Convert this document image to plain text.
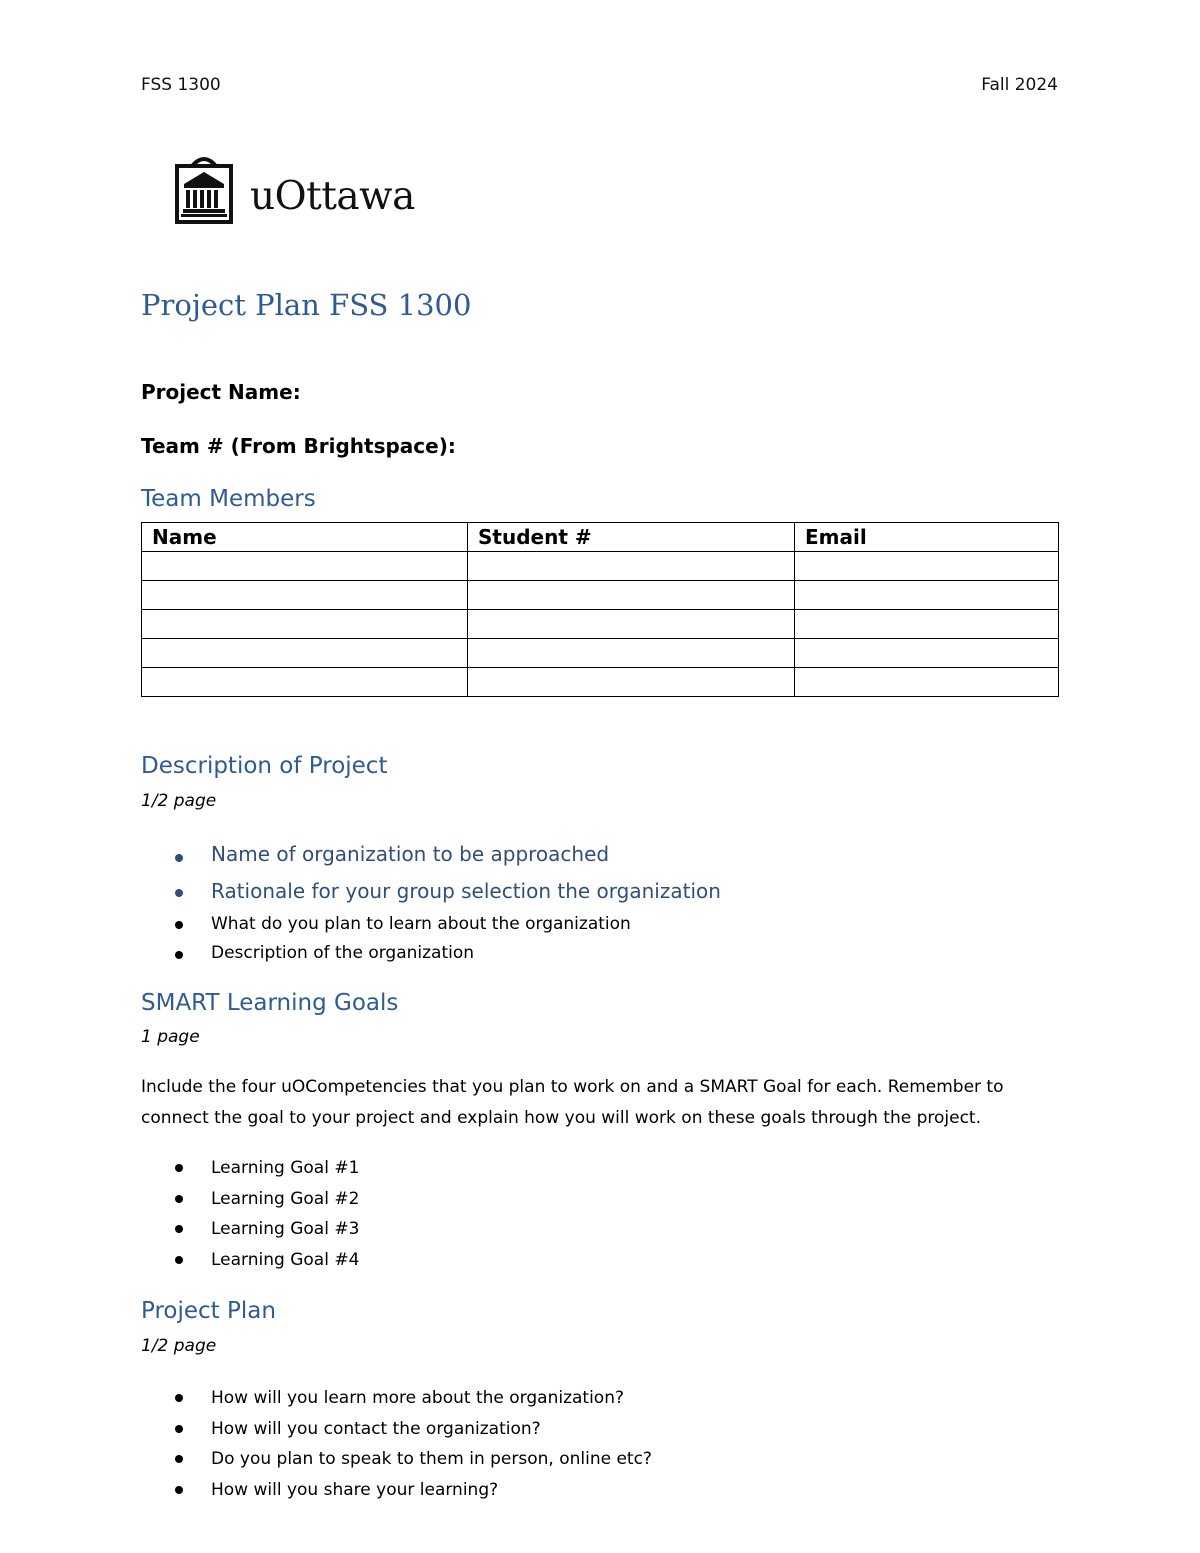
FSS 1300	Fall 2024
uOttawa
Project Plan FSS 1300
Project Name:
Team # (From Brightspace):
Team Members
Name	Student #	Email

Description of Project
1/2 page
Name of organization to be approached
Rationale for your group selection the organization
What do you plan to learn about the organization
Description of the organization
SMART Learning Goals
1 page

Include the four uOCompetencies that you plan to work on and a SMART Goal for each. Remember to connect the goal to your project and explain how you will work on these goals through the project.

Learning Goal #1
Learning Goal #2
Learning Goal #3
Learning Goal #4
Project Plan
1/2 page
How will you learn more about the organization?
How will you contact the organization?
Do you plan to speak to them in person, online etc?
How will you share your learning?
